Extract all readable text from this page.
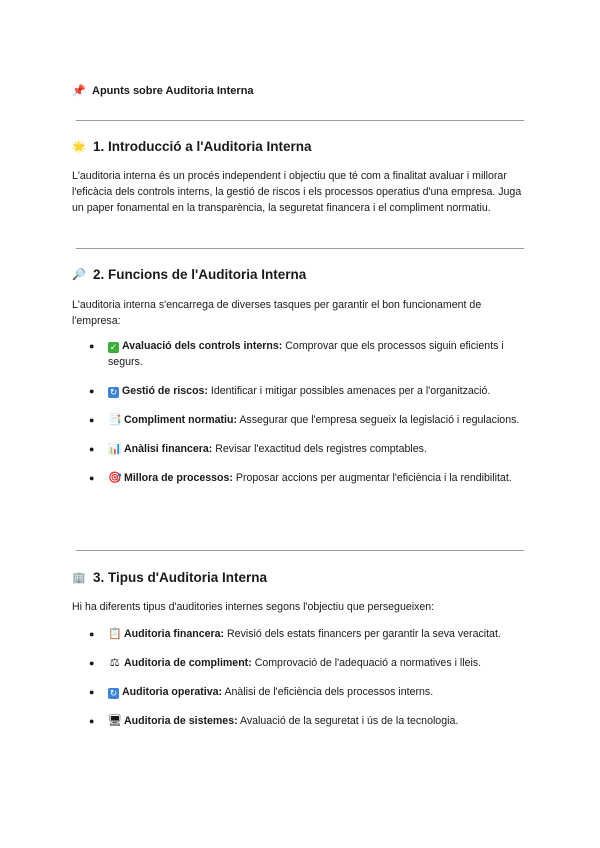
📌 Apunts sobre Auditoria Interna
🌟 1. Introducció a l'Auditoria Interna
L'auditoria interna és un procés independent i objectiu que té com a finalitat avaluar i millorar l'eficàcia dels controls interns, la gestió de riscos i els processos operatius d'una empresa. Juga un paper fonamental en la transparència, la seguretat financera i el compliment normatiu.
🔎 2. Funcions de l'Auditoria Interna
L'auditoria interna s'encarrega de diverses tasques per garantir el bon funcionament de l'empresa:
● ✓ Avaluació dels controls interns: Comprovar que els processos siguin eficients i segurs.
● ↻ Gestió de riscos: Identificar i mitigar possibles amenaces per a l'organització.
● 📑 Compliment normatiu: Assegurar que l'empresa segueix la legislació i regulacions.
● 📊 Anàlisi financera: Revisar l'exactitud dels registres comptables.
● 🎯 Millora de processos: Proposar accions per augmentar l'eficiència i la rendibilitat.
🏢 3. Tipus d'Auditoria Interna
Hi ha diferents tipus d'auditories internes segons l'objectiu que persegueixen:
● 📋 Auditoria financera: Revisió dels estats financers per garantir la seva veracitat.
● ⚖ Auditoria de compliment: Comprovació de l'adequació a normatives i lleis.
● ↻ Auditoria operativa: Anàlisi de l'eficiència dels processos interns.
● 🖥 Auditoria de sistemes: Avaluació de la seguretat i ús de la tecnologia.
